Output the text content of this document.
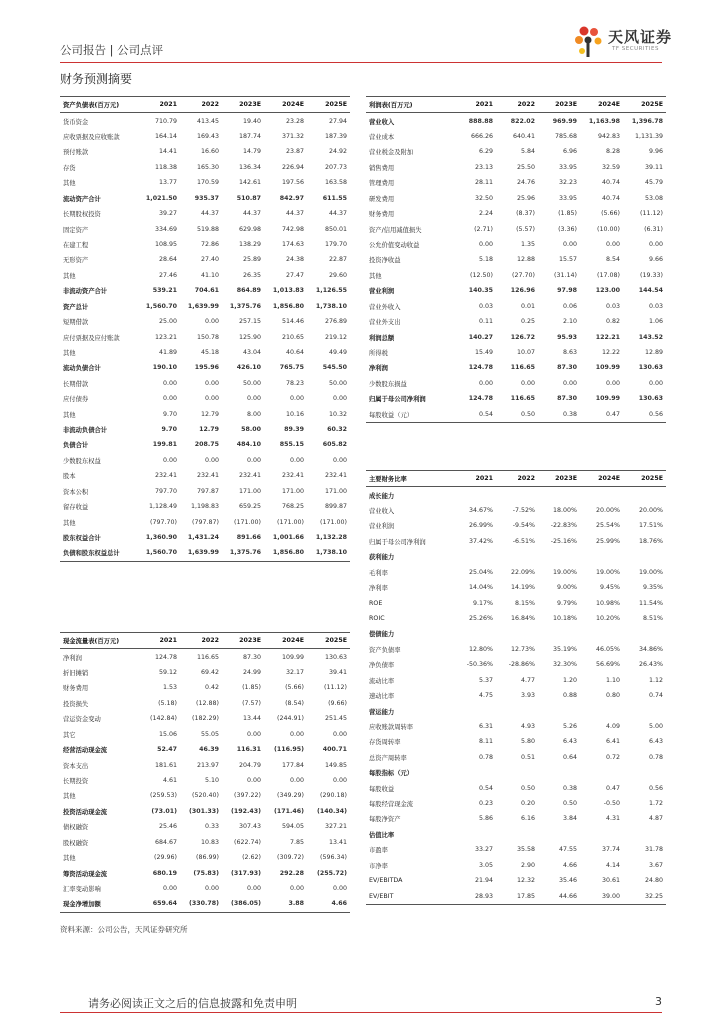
公司报告 | 公司点评
财务预测摘要
天风证券
TF SECURITIES
资产负债表(百万元)	2021	2022	2023E	2024E	2025E
货币资金	710.79	413.45	19.40	23.28	27.94
应收票据及应收账款	164.14	169.43	187.74	371.32	187.39
预付账款	14.41	16.60	14.79	23.87	24.92
存货	118.38	165.30	136.34	226.94	207.73
其他	13.77	170.59	142.61	197.56	163.58
流动资产合计	1,021.50	935.37	510.87	842.97	611.55
长期股权投资	39.27	44.37	44.37	44.37	44.37
固定资产	334.69	519.88	629.98	742.98	850.01
在建工程	108.95	72.86	138.29	174.63	179.70
无形资产	28.64	27.40	25.89	24.38	22.87
其他	27.46	41.10	26.35	27.47	29.60
非流动资产合计	539.21	704.61	864.89	1,013.83	1,126.55
资产总计	1,560.70	1,639.99	1,375.76	1,856.80	1,738.10
短期借款	25.00	0.00	257.15	514.46	276.89
应付票据及应付账款	123.21	150.78	125.90	210.65	219.12
其他	41.89	45.18	43.04	40.64	49.49
流动负债合计	190.10	195.96	426.10	765.75	545.50
长期借款	0.00	0.00	50.00	78.23	50.00
应付债券	0.00	0.00	0.00	0.00	0.00
其他	9.70	12.79	8.00	10.16	10.32
非流动负债合计	9.70	12.79	58.00	89.39	60.32
负债合计	199.81	208.75	484.10	855.15	605.82
少数股东权益	0.00	0.00	0.00	0.00	0.00
股本	232.41	232.41	232.41	232.41	232.41
资本公积	797.70	797.87	171.00	171.00	171.00
留存收益	1,128.49	1,198.83	659.25	768.25	899.87
其他	(797.70)	(797.87)	(171.00)	(171.00)	(171.00)
股东权益合计	1,360.90	1,431.24	891.66	1,001.66	1,132.28
负债和股东权益总计	1,560.70	1,639.99	1,375.76	1,856.80	1,738.10
利润表(百万元)	2021	2022	2023E	2024E	2025E
营业收入	888.88	822.02	969.99	1,163.98	1,396.78
营业成本	666.26	640.41	785.68	942.83	1,131.39
营业税金及附加	6.29	5.84	6.96	8.28	9.96
销售费用	23.13	25.50	33.95	32.59	39.11
管理费用	28.11	24.76	32.23	40.74	45.79
研发费用	32.50	25.96	33.95	40.74	53.08
财务费用	2.24	(8.37)	(1.85)	(5.66)	(11.12)
资产/信用减值损失	(2.71)	(5.57)	(3.36)	(10.00)	(6.31)
公允价值变动收益	0.00	1.35	0.00	0.00	0.00
投资净收益	5.18	12.88	15.57	8.54	9.66
其他	(12.50)	(27.70)	(31.14)	(17.08)	(19.33)
营业利润	140.35	126.96	97.98	123.00	144.54
营业外收入	0.03	0.01	0.06	0.03	0.03
营业外支出	0.11	0.25	2.10	0.82	1.06
利润总额	140.27	126.72	95.93	122.21	143.52
所得税	15.49	10.07	8.63	12.22	12.89
净利润	124.78	116.65	87.30	109.99	130.63
少数股东损益	0.00	0.00	0.00	0.00	0.00
归属于母公司净利润	124.78	116.65	87.30	109.99	130.63
每股收益（元）	0.54	0.50	0.38	0.47	0.56
主要财务比率	2021	2022	2023E	2024E	2025E
成长能力					
营业收入	34.67%	-7.52%	18.00%	20.00%	20.00%
营业利润	26.99%	-9.54%	-22.83%	25.54%	17.51%
归属于母公司净利润	37.42%	-6.51%	-25.16%	25.99%	18.76%
获利能力					
毛利率	25.04%	22.09%	19.00%	19.00%	19.00%
净利率	14.04%	14.19%	9.00%	9.45%	9.35%
ROE	9.17%	8.15%	9.79%	10.98%	11.54%
ROIC	25.26%	16.84%	10.18%	10.20%	8.51%
偿债能力					
资产负债率	12.80%	12.73%	35.19%	46.05%	34.86%
净负债率	-50.36%	-28.86%	32.30%	56.69%	26.43%
流动比率	5.37	4.77	1.20	1.10	1.12
速动比率	4.75	3.93	0.88	0.80	0.74
营运能力					
应收账款周转率	6.31	4.93	5.26	4.09	5.00
存货周转率	8.11	5.80	6.43	6.41	6.43
总资产周转率	0.78	0.51	0.64	0.72	0.78
每股指标（元）					
每股收益	0.54	0.50	0.38	0.47	0.56
每股经营现金流	0.23	0.20	0.50	-0.50	1.72
每股净资产	5.86	6.16	3.84	4.31	4.87
估值比率					
市盈率	33.27	35.58	47.55	37.74	31.78
市净率	3.05	2.90	4.66	4.14	3.67
EV/EBITDA	21.94	12.32	35.46	30.61	24.80
EV/EBIT	28.93	17.85	44.66	39.00	32.25
现金流量表(百万元)	2021	2022	2023E	2024E	2025E
净利润	124.78	116.65	87.30	109.99	130.63
折旧摊销	59.12	69.42	24.99	32.17	39.41
财务费用	1.53	0.42	(1.85)	(5.66)	(11.12)
投资损失	(5.18)	(12.88)	(7.57)	(8.54)	(9.66)
营运资金变动	(142.84)	(182.29)	13.44	(244.91)	251.45
其它	15.06	55.05	0.00	0.00	0.00
经营活动现金流	52.47	46.39	116.31	(116.95)	400.71
资本支出	181.61	213.97	204.79	177.84	149.85
长期投资	4.61	5.10	0.00	0.00	0.00
其他	(259.53)	(520.40)	(397.22)	(349.29)	(290.18)
投资活动现金流	(73.01)	(301.33)	(192.43)	(171.46)	(140.34)
债权融资	25.46	0.33	307.43	594.05	327.21
股权融资	684.67	10.83	(622.74)	7.85	13.41
其他	(29.96)	(86.99)	(2.62)	(309.72)	(596.34)
筹资活动现金流	680.19	(75.83)	(317.93)	292.28	(255.72)
汇率变动影响	0.00	0.00	0.00	0.00	0.00
现金净增加额	659.64	(330.78)	(386.05)	3.88	4.66
资料来源：公司公告，天风证券研究所
请务必阅读正文之后的信息披露和免责申明	3
